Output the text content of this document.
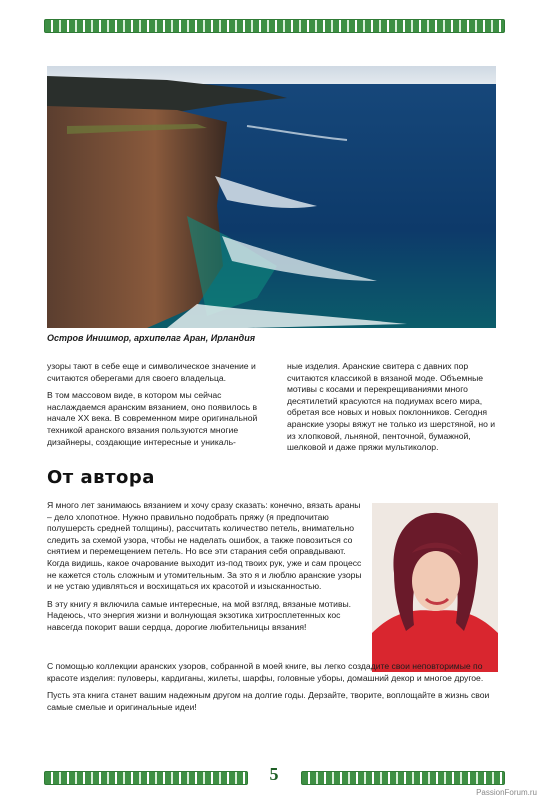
Остров Инишмор, архипелаг Аран, Ирландия

узоры тают в себе еще и символическое значение и считаются оберегами для своего владельца.

В том массовом виде, в котором мы сейчас наслаждаемся аранским вязанием, оно появилось в начале XX века. В современном мире оригинальной техникой аранского вязания пользуются многие дизайнеры, создающие интересные и уникаль-

ные изделия. Аранские свитера с давних пор считаются классикой в вязаной моде. Объемные мотивы с косами и перекрещиваниями много десятилетий красуются на подиумах всего мира, обретая все новых и новых поклонников. Сегодня аранские узоры вяжут не только из шерстяной, но и из хлопковой, льняной, пенточной, бумажной, шелковой и даже пряжи мультиколор.

От автора

Я много лет занимаюсь вязанием и хочу сразу сказать: конечно, вязать араны – дело хлопотное. Нужно правильно подобрать пряжу (я предпочитаю полушерсть средней толщины), рассчитать количество петель, внимательно следить за схемой узора, чтобы не наделать ошибок, а также повозиться со снятием и перемещением петель. Но все эти старания себя оправдывают. Когда видишь, какое очарование выходит из-под твоих рук, уже и сам процесс не кажется столь сложным и утомительным. За это я и люблю аранские узоры и не устаю удивляться и восхищаться их красотой и изысканностью.

В эту книгу я включила самые интересные, на мой взгляд, вязаные мотивы. Надеюсь, что энергия жизни и волнующая экзотика хитросплетенных кос навсегда покорит ваши сердца, дорогие любительницы вязания!

С помощью коллекции аранских узоров, собранной в моей книге, вы легко создадите свои неповторимые по красоте изделия: пуловеры, кардиганы, жилеты, шарфы, головные уборы, домашний декор и многое другое.

Пусть эта книга станет вашим надежным другом на долгие годы. Дерзайте, творите, воплощайте в жизнь свои самые смелые и оригинальные идеи!

5
PassionForum.ru
